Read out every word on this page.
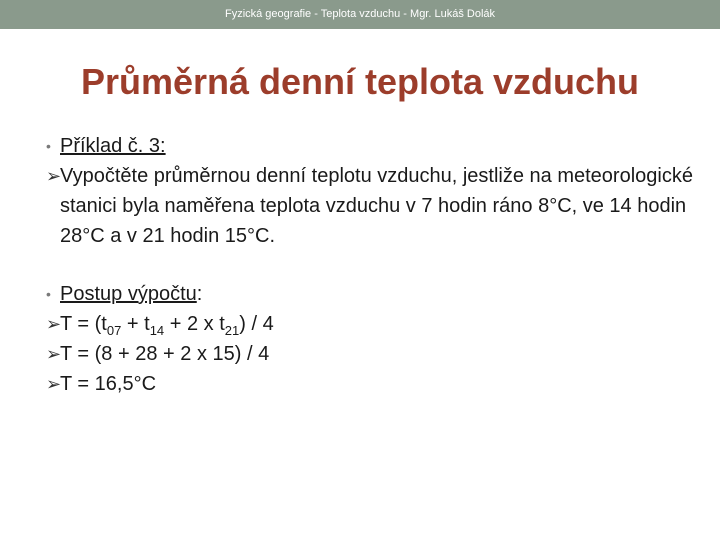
Fyzická geografie - Teplota vzduchu - Mgr. Lukáš Dolák
Průměrná denní teplota vzduchu
• Příklad č. 3:
➢
Vypočtěte průměrnou denní teplotu vzduchu, jestliže na meteorologické stanici byla naměřena teplota vzduchu v 7 hodin ráno 8°C, ve 14 hodin 28°C a v 21 hodin 15°C.
• Postup výpočtu:
➢
$T = (t_{07} + t_{14} + 2$ x $t_{21}) / 4$
➢
T = (8 + 28 + 2 x 15) / 4
➢
T = 16,5°C
